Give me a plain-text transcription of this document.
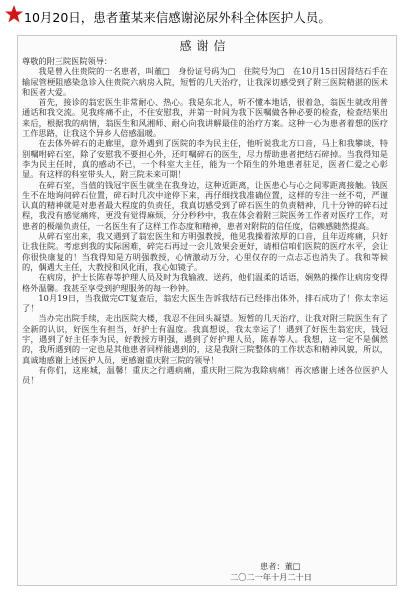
10月20日，患者董某来信感谢泌尿外科全体医护人员。
感谢信

尊敬的附三院医院领导：

我是曾入住贵院的一名患者，叫董□　身份证号码为□　住院号为□　在10月15日因肾结石手在输尿管梗阻感染急诊入住贵院六病房入院，短暂的几天治疗，让我深切感受到了附三医院精湛的医术和医者大爱。

首先，接诊的翁宏医生非常耐心、热心。我是东北人，听不懂本地话，很着急，翁医生就改用普通话和我交流。见我疼痛不止，不住安慰我，并第一时间为我下医嘱做各种必要的检查，检查结果出来后，根据我的病情，翁医生和风湘师、耐心向我讲解最佳的治疗方案。这种一心为患者着想的医疗工作思路，让我这个异乡人倍感温暖。

在去体外碎石的走廊里，意外遇到了医院的李为民主任，他听说我北方口音，马上和我攀谈，特别嘱咐碎石室，除了安慰我不要担心外，还叮嘱碎石的医生，尽力帮助患者把结石碎掉。当我得知是李为民主任时，真的感动不已，一个科室大主任，能为一个陌生的外地患者驻足，医者仁爱之心彰显。有这样的科室带头人，附三院未来可期！

在碎石室，当值的钱冠宇医生就坐在我身边，这种近距离，让医患心与心之间零距离接触。钱医生不在地询问碎石位置，碎石时几次中途停下来，再仔细找我准确位置，这样的专注一丝不苟，严谨认真的精神就是对患者最大程度的负责任，我真切感受到了碎石医生的负责精神，几十分钟的碎石过程，我没有感觉痛疼，更没有觉得麻烦，分分秒秒中，我在体会着附三院医务工作者对医疗工作，对患者的极端负责任，一名医生有了这样工作态度和精神，患者对附院的信任度，信赖感随然提高。

从碎石室出来，我又遇到了翁宏医生和方明强教授，他见我操着浓厚的口音，且年迈疼痛，只好让我住院。考虑到我的实际困难，碎完石再过一会儿效果会更好，请相信咱们医院的医疗水平，会让你很快康复的！当我得知是方明强教授，心情激动万分，心里仅存的一点忐忑也消失了。我和等候的，偶遇大主任，大教授和风化雨，我心如镜子。

在病房，护士长陈春等护理人员及时为我输液、送药，他们温柔的话语，娴熟的操作让病房变得格外温馨。我甚至享受到护理服务的每一秒钟。

10月19日，当我做完CT复查后，翁宏大医生告诉我结石已经排出体外，排石成功了！你太幸运了！

当办完出院手续，走出医院大楼，我忍不住回头凝望。短暂的几天治疗，让我对附三院医生有了全新的认识，好医生有担当，好护士有温度。我真想说，我太幸运了！遇到了好医生翁宏庆，钱冠宇，遇到了好主任李为民，好教授方明强，遇到了好护理人员，陈春等人。我想，这一定不是偶然的，我所遇到的一定也是其他患者同样能遇到的，这是我附三院整体的工作状态和精神风貌，所以，真诚地感谢上述医护人员，更感谢重庆附三院的领导！

有你们，这座城，温馨！重庆之行遇病痛，重庆附三院为我除病痛！再次感谢上述各位医护人员！

患者：董□
二〇二一年十月二十日
